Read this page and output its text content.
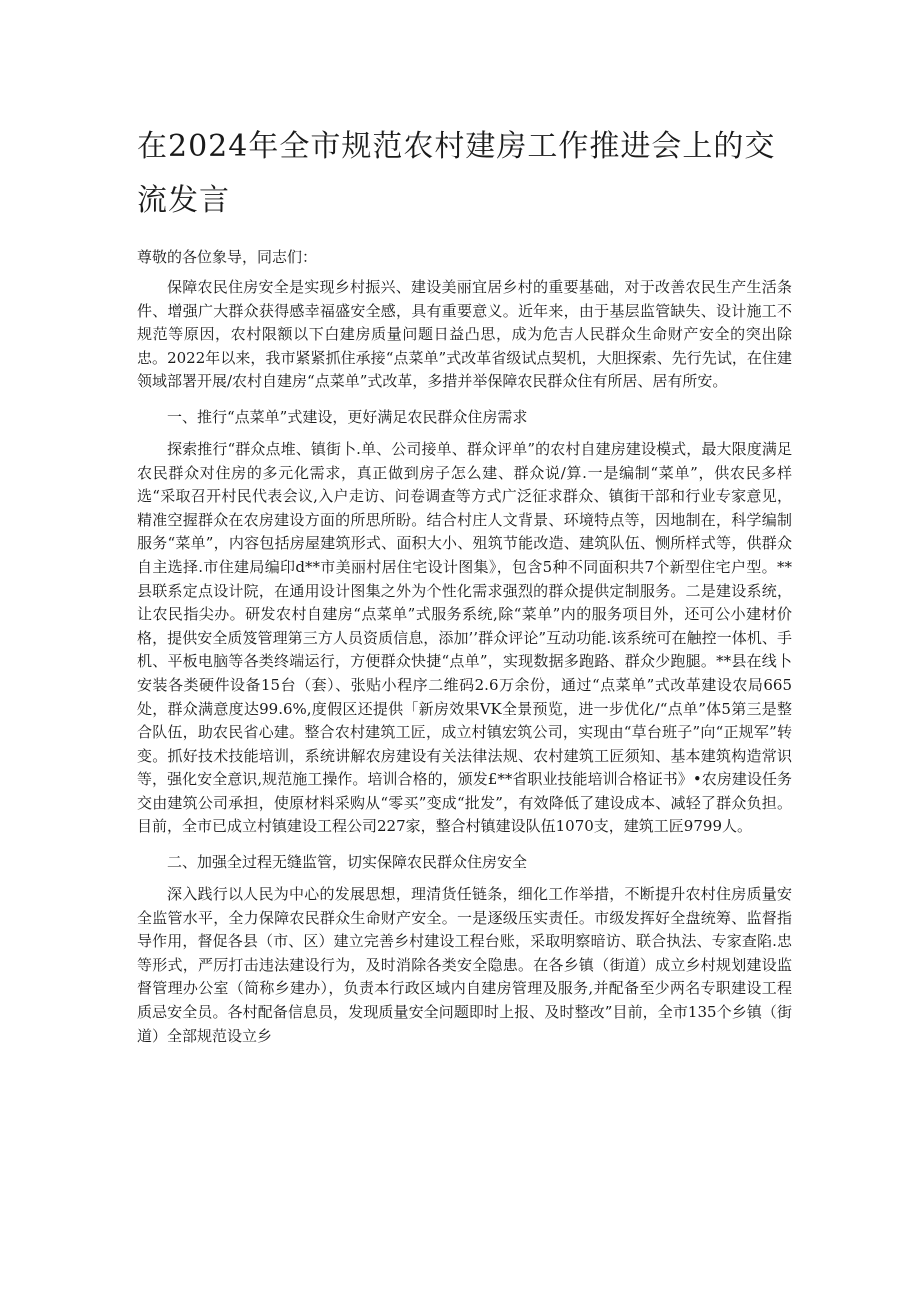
在2024年全市规范农村建房工作推进会上的交流发言

尊敬的各位象导，同志们：

保障农民住房安全是实现乡村振兴、建设美丽宜居乡村的重要基础，对于改善农民生产生活条件、增强广大群众获得感幸福盛安全感，具有重要意义。近年来，由于基层监管缺失、设计施工不规范等原因，农村限额以下白建房质量问题日益凸思，成为危吉人民群众生命财产安全的突出除忠。2022年以来，我市紧紧抓住承接“点菜单”式改革省级试点契机，大胆探索、先行先试，在住建领域部署开展/农村自建房“点菜单”式改革，多措并举保障农民群众住有所居、居有所安。

一、推行“点菜单”式建设，更好满足农民群众住房需求

探索推行“群众点堆、镇街卜.单、公司接单、群众评单”的农村自建房建设模式，最大限度满足农民群众对住房的多元化需求，真正做到房子怎么建、群众说/算.一是编制“菜单”，供农民多样选“采取召开村民代表会议,入户走访、问卷调查等方式广泛征求群众、镇街干部和行业专家意见，精准空握群众在农房建设方面的所思所盼。结合村庄人文背景、环境特点等，因地制在，科学编制服务“菜单”，内容包括房屋建筑形式、面积大小、殂筑节能改造、建筑队伍、恻所样式等，供群众自主选择.市住建局编印d**市美丽村居住宅设计图集》，包含5种不同面积共7个新型住宅户型。**县联系定点设计院，在通用设计图集之外为个性化需求强烈的群众提供定制服务。二是建设系统，让农民指尖办。研发农村自建房“点菜单”式服务系统,除“菜单”内的服务项目外，还可公小建材价格，提供安全质笈管理第三方人员资质信息，添加’’群众评论”互动功能.该系统可在触控一体机、手机、平板电脑等各类终端运行，方便群众快捷“点单”，实现数据多跑路、群众少跑腿。**县在线卜安装各类硬件设备15台（套）、张贴小程序二维码2.6万余份，通过“点菜单”式改革建设农局665处，群众满意度达99.6%,度假区还提供「新房效果VK全景预览，进一步优化/“点单”体5第三是整合队伍，助农民省心建。整合农村建筑工匠，成立村镇宏筑公司，实现由“草台班子”向“正规军”转变。抓好技术技能培训，系统讲解农房建设有关法律法规、农村建筑工匠须知、基本建筑构造常识等，强化安全意识,规范施工操作。培训合格的，颁发£**省职业技能培训合格证书》•农房建设任务交由建筑公司承担，使原材料采购从“零买”变成“批发”，有效降低了建设成本、减轻了群众负担。目前，全市已成立村镇建设工程公司227家，整合村镇建设队伍1070支，建筑工匠9799人。

二、加强全过程无缝监管，切实保障农民群众住房安全

深入践行以人民为中心的发展思想，理清货任链条，细化工作举措，不断提升农村住房质量安全监管水平，全力保障农民群众生命财产安全。一是逐级压实责任。市级发挥好全盘统筹、监督指导作用，督促各县（市、区）建立完善乡村建设工程台账，采取明察暗访、联合执法、专家查陷.忠等形式，严厉打击违法建设行为，及时消除各类安全隐患。在各乡镇（街道）成立乡村规划建设监督管理办公室（简称乡建办），负责本行政区域内自建房管理及服务,并配备至少两名专职建设工程质忌安全员。各村配备信息员，发现质量安全问题即时上报、及时整改”目前，全市135个乡镇（街道）全部规范设立乡
